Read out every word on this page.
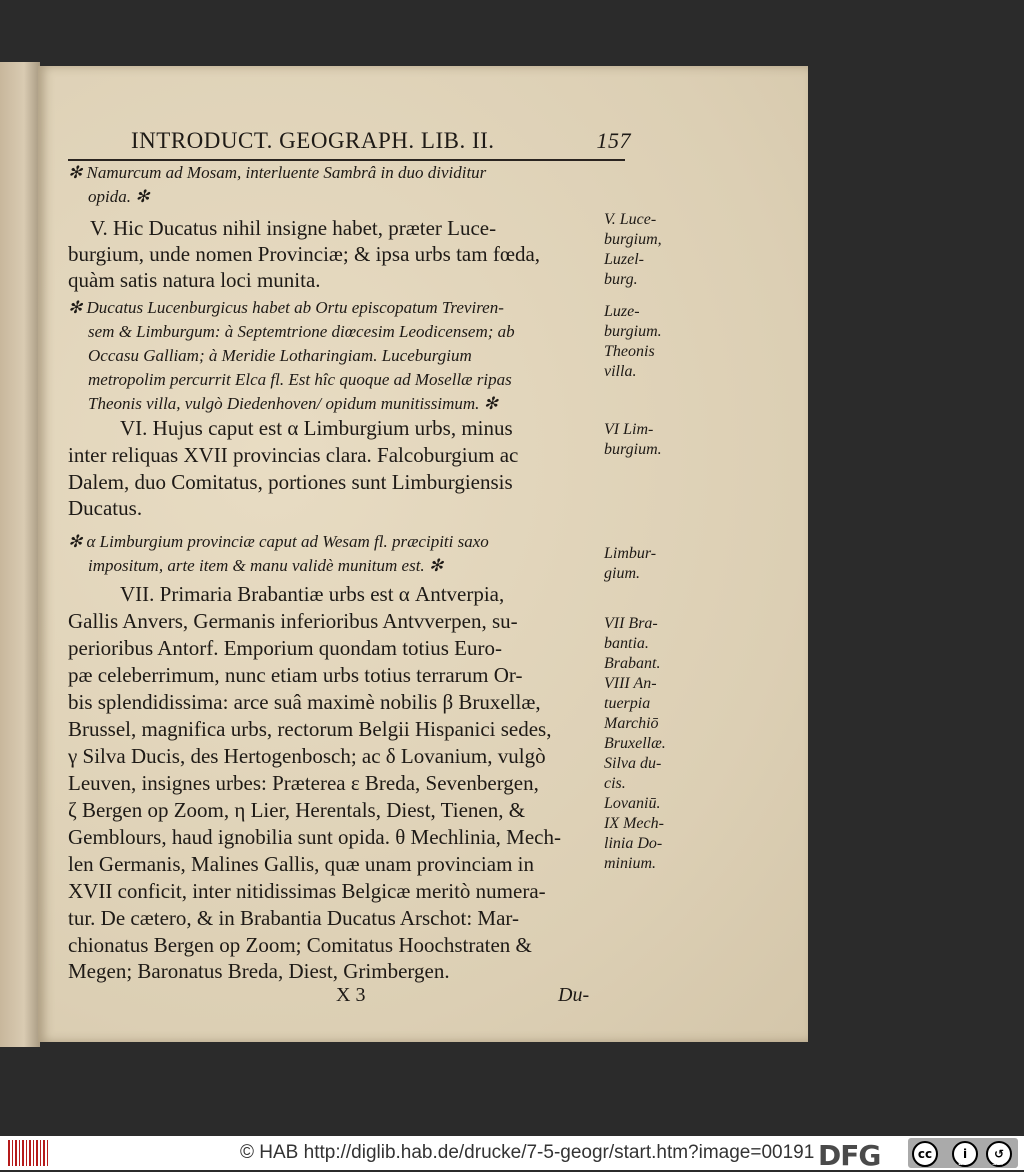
INTRODUCT. GEOGRAPH. LIB. II.	157
✻ Namurcum ad Mosam, interluente Sambrâ in duo dividitur
opida. ✻
V. Hic Ducatus nihil insigne habet, præter Luce-
burgium, unde nomen Provinciæ; & ipsa urbs tam fœda,
quàm satis natura loci munita.
✻ Ducatus Lucenburgicus habet ab Ortu episcopatum Treviren-
sem & Limburgum: à Septemtrione diœcesim Leodicensem; ab
Occasu Galliam; à Meridie Lotharingiam. Luceburgium
metropolim percurrit Elca fl. Est hîc quoque ad Mosellæ ripas
Theonis villa, vulgò Diedenhoven/ opidum munitissimum. ✻
VI. Hujus caput est α Limburgium urbs, minus
inter reliquas XVII provincias clara. Falcoburgium ac
Dalem, duo Comitatus, portiones sunt Limburgiensis
Ducatus.
✻ α Limburgium provinciæ caput ad Wesam fl. præcipiti saxo
impositum, arte item & manu validè munitum est. ✻
VII. Primaria Brabantiæ urbs est α Antverpia,
Gallis Anvers, Germanis inferioribus Antvverpen, su-
perioribus Antorf. Emporium quondam totius Euro-
pæ celeberrimum, nunc etiam urbs totius terrarum Or-
bis splendidissima: arce suâ maximè nobilis β Bruxellæ,
Brussel, magnifica urbs, rectorum Belgii Hispanici sedes,
γ Silva Ducis, des Hertogenbosch; ac δ Lovanium, vulgò
Leuven, insignes urbes: Præterea ε Breda, Sevenbergen,
ζ Bergen op Zoom, η Lier, Herentals, Diest, Tienen, &
Gemblours, haud ignobilia sunt opida. θ Mechlinia, Mech-
len Germanis, Malines Gallis, quæ unam provinciam in
XVII conficit, inter nitidissimas Belgicæ meritò numera-
tur. De cætero, & in Brabantia Ducatus Arschot: Mar-
chionatus Bergen op Zoom; Comitatus Hoochstraten &
Megen; Baronatus Breda, Diest, Grimbergen.
V. Luce-
burgium,
Luzel-
burg.
Luze-
burgium.
Theonis
villa.
VI Lim-
burgium.
Limbur-
gium.
VII Bra-
bantia.
Brabant.
VIII An-
tuerpia
Marchiō
Bruxellæ.
Silva du-
cis.
Lovaniū.
IX Mech-
linia Do-
minium.
X 3	Du-
© HAB http://diglib.hab.de/drucke/7-5-geogr/start.htm?image=00191 DFG	cc	i	↺
BY	SA
